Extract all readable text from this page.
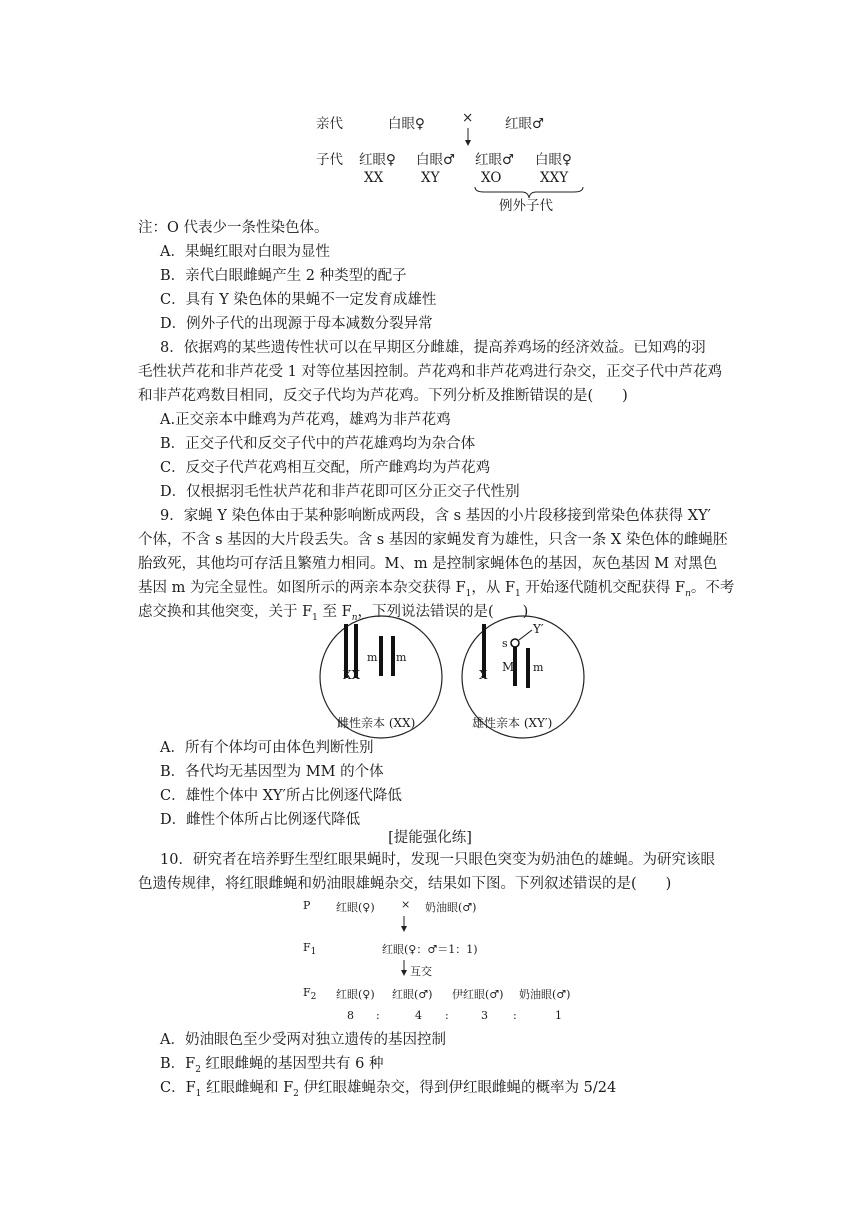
亲代	白眼♀	× 红眼♂
子代 红眼♀ 白眼♂ 红眼♂ 白眼♀
XX	XY	XO	XXY
例外子代
注：O 代表少一条性染色体。
A．果蝇红眼对白眼为显性
B．亲代白眼雌蝇产生 2 种类型的配子
C．具有 Y 染色体的果蝇不一定发育成雄性
D．例外子代的出现源于母本减数分裂异常
8．依据鸡的某些遗传性状可以在早期区分雌雄，提高养鸡场的经济效益。已知鸡的羽
毛性状芦花和非芦花受 1 对等位基因控制。芦花鸡和非芦花鸡进行杂交，正交子代中芦花鸡
和非芦花鸡数目相同，反交子代均为芦花鸡。下列分析及推断错误的是(　　)
A.正交亲本中雌鸡为芦花鸡，雄鸡为非芦花鸡
B．正交子代和反交子代中的芦花雄鸡均为杂合体
C．反交子代芦花鸡相互交配，所产雌鸡均为芦花鸡
D．仅根据羽毛性状芦花和非芦花即可区分正交子代性别
9．家蝇 Y 染色体由于某种影响断成两段，含 s 基因的小片段移接到常染色体获得 XY′
个体，不含 s 基因的大片段丢失。含 s 基因的家蝇发育为雄性，只含一条 X 染色体的雌蝇胚
胎致死，其他均可存活且繁殖力相同。M、m 是控制家蝇体色的基因，灰色基因 M 对黑色
基因 m 为完全显性。如图所示的两亲本杂交获得 $F_1$，从 $F_1$ 开始逐代随机交配获得 $F_n$。不考
虑交换和其他突变，关于 $F_1$ 至 $F_n$，下列说法错误的是(　　)
m m
XX
雌性亲本 (XX)
s
Y′
M m
X
雄性亲本 (XY′)
A．所有个体均可由体色判断性别
B．各代均无基因型为 MM 的个体
C．雄性个体中 XY′所占比例逐代降低
D．雌性个体所占比例逐代降低
[提能强化练]
10．研究者在培养野生型红眼果蝇时，发现一只眼色突变为奶油色的雄蝇。为研究该眼
色遗传规律，将红眼雌蝇和奶油眼雄蝇杂交，结果如下图。下列叙述错误的是(　　)
P 红眼(♀) × 奶油眼(♂)
$F_1$	红眼(♀：♂＝1：1)
互交
$F_2$ 红眼(♀) 红眼(♂) 伊红眼(♂) 奶油眼(♂)
8 :	4 :	3 :	1
A．奶油眼色至少受两对独立遗传的基因控制
B．$F_2$ 红眼雌蝇的基因型共有 6 种
C．$F_1$ 红眼雌蝇和 $F_2$ 伊红眼雄蝇杂交，得到伊红眼雌蝇的概率为 5/24
